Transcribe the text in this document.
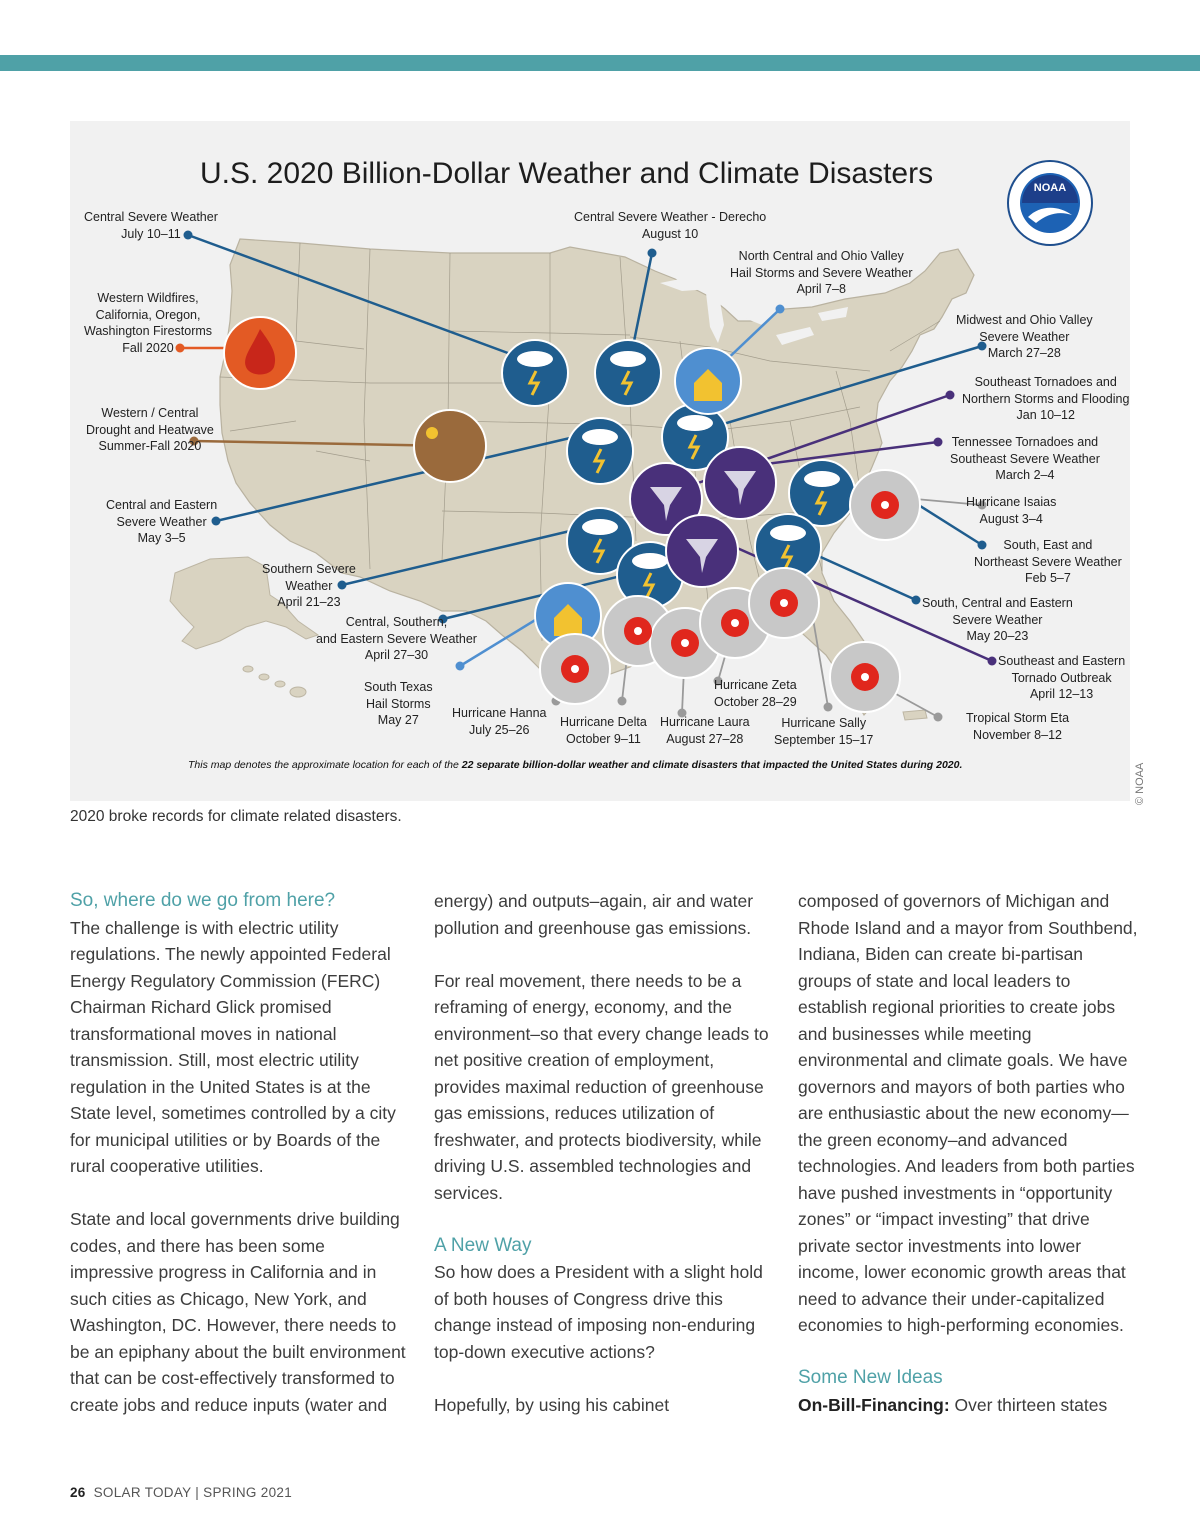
NOAA
U.S. 2020 Billion-Dollar Weather and Climate Disasters
Central Severe Weather
July 10–11
Western Wildfires,
California, Oregon,
Washington Firestorms
Fall 2020
Western / Central
Drought and Heatwave
Summer-Fall 2020
Central and Eastern
Severe Weather
May 3–5
Southern Severe
Weather
April 21–23
Central, Southern,
and Eastern Severe Weather
April 27–30
South Texas
Hail Storms
May 27	Hurricane Hanna
July 25–26
Hurricane Delta
October 9–11
Hurricane Laura
August 27–28
Hurricane Zeta
October 28–29
Hurricane Sally
September 15–17
Central Severe Weather - Derecho
August 10
North Central and Ohio Valley
Hail Storms and Severe Weather
April 7–8
Midwest and Ohio Valley
Severe Weather
March 27–28
Southeast Tornadoes and
Northern Storms and Flooding
Jan 10–12
Tennessee Tornadoes and
Southeast Severe Weather
March 2–4
Hurricane Isaias
August 3–4
South, East and
Northeast Severe Weather
Feb 5–7
South, Central and Eastern
Severe Weather
May 20–23
Southeast and Eastern
Tornado Outbreak
April 12–13
Tropical Storm Eta
November 8–12
This map denotes the approximate location for each of the 22 separate billion-dollar weather and climate disasters that impacted the United States during 2020.	© NOAA
2020 broke records for climate related disasters.
So, where do we go from here?

The challenge is with electric utility regulations. The newly appointed Federal Energy Regulatory Commission (FERC) Chairman Richard Glick promised transformational moves in national transmission. Still, most electric utility regulation in the United States is at the State level, sometimes controlled by a city for municipal utilities or by Boards of the rural cooperative utilities.

State and local governments drive building codes, and there has been some impressive progress in California and in such cities as Chicago, New York, and Washington, DC. However, there needs to be an epiphany about the built environment that can be cost-effectively transformed to create jobs and reduce inputs (water and

energy) and outputs–again, air and water pollution and greenhouse gas emissions.

For real movement, there needs to be a reframing of energy, economy, and the environment–so that every change leads to net positive creation of employment, provides maximal reduction of greenhouse gas emissions, reduces utilization of freshwater, and protects biodiversity, while driving U.S. assembled technologies and services.

A New Way

So how does a President with a slight hold of both houses of Congress drive this change instead of imposing non-enduring top-down executive actions?

Hopefully, by using his cabinet

composed of governors of Michigan and Rhode Island and a mayor from Southbend, Indiana, Biden can create bi-partisan groups of state and local leaders to establish regional priorities to create jobs and businesses while meeting environmental and climate goals. We have governors and mayors of both parties who are enthusiastic about the new economy—the green economy–and advanced technologies. And leaders from both parties have pushed investments in “opportunity zones” or “impact investing” that drive private sector investments into lower income, lower economic growth areas that need to advance their under-capitalized economies to high-performing economies.

Some New Ideas

On-Bill-Financing: Over thirteen states

26 SOLAR TODAY | SPRING 2021
